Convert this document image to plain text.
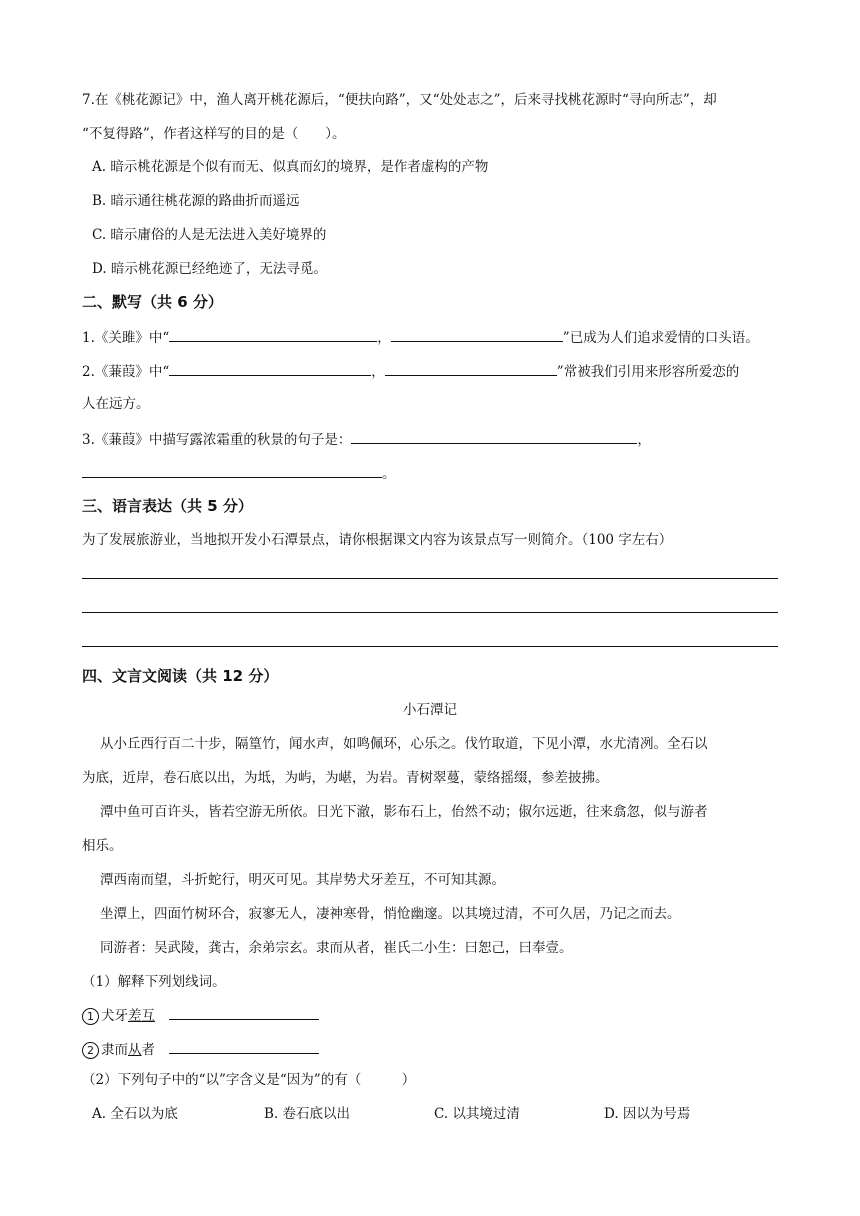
7.在《桃花源记》中，渔人离开桃花源后，“便扶向路”，又“处处志之”，后来寻找桃花源时“寻向所志”，却
“不复得路”，作者这样写的目的是（　　）。
A. 暗示桃花源是个似有而无、似真而幻的境界，是作者虚构的产物
B. 暗示通往桃花源的路曲折而遥远
C. 暗示庸俗的人是无法进入美好境界的
D. 暗示桃花源已经绝迹了，无法寻觅。
二、默写（共 6 分）
1.《关雎》中“	，	”已成为人们追求爱情的口头语。
2.《蒹葭》中“	，	”常被我们引用来形容所爱恋的
人在远方。
3.《蒹葭》中描写露浓霜重的秋景的句子是：	，
。
三、语言表达（共 5 分）
为了发展旅游业，当地拟开发小石潭景点，请你根据课文内容为该景点写一则简介。（100 字左右）
四、文言文阅读（共 12 分）
小石潭记
从小丘西行百二十步，隔篁竹，闻水声，如鸣佩环，心乐之。伐竹取道，下见小潭，水尤清冽。全石以
为底，近岸，卷石底以出，为坻，为屿，为嵁，为岩。青树翠蔓，蒙络摇缀，参差披拂。
潭中鱼可百许头，皆若空游无所依。日光下澈，影布石上，佁然不动；俶尔远逝，往来翕忽，似与游者
相乐。
潭西南而望，斗折蛇行，明灭可见。其岸势犬牙差互，不可知其源。
坐潭上，四面竹树环合，寂寥无人，凄神寒骨，悄怆幽邃。以其境过清，不可久居，乃记之而去。
同游者：吴武陵，龚古，余弟宗玄。隶而从者，崔氏二小生：曰恕己，曰奉壹。
（1）解释下列划线词。
1 犬牙差互
2 隶而从者
（2）下列句子中的“以”字含义是“因为”的有（　　　）
A. 全石以为底	B. 卷石底以出	C. 以其境过清	D. 因以为号焉
